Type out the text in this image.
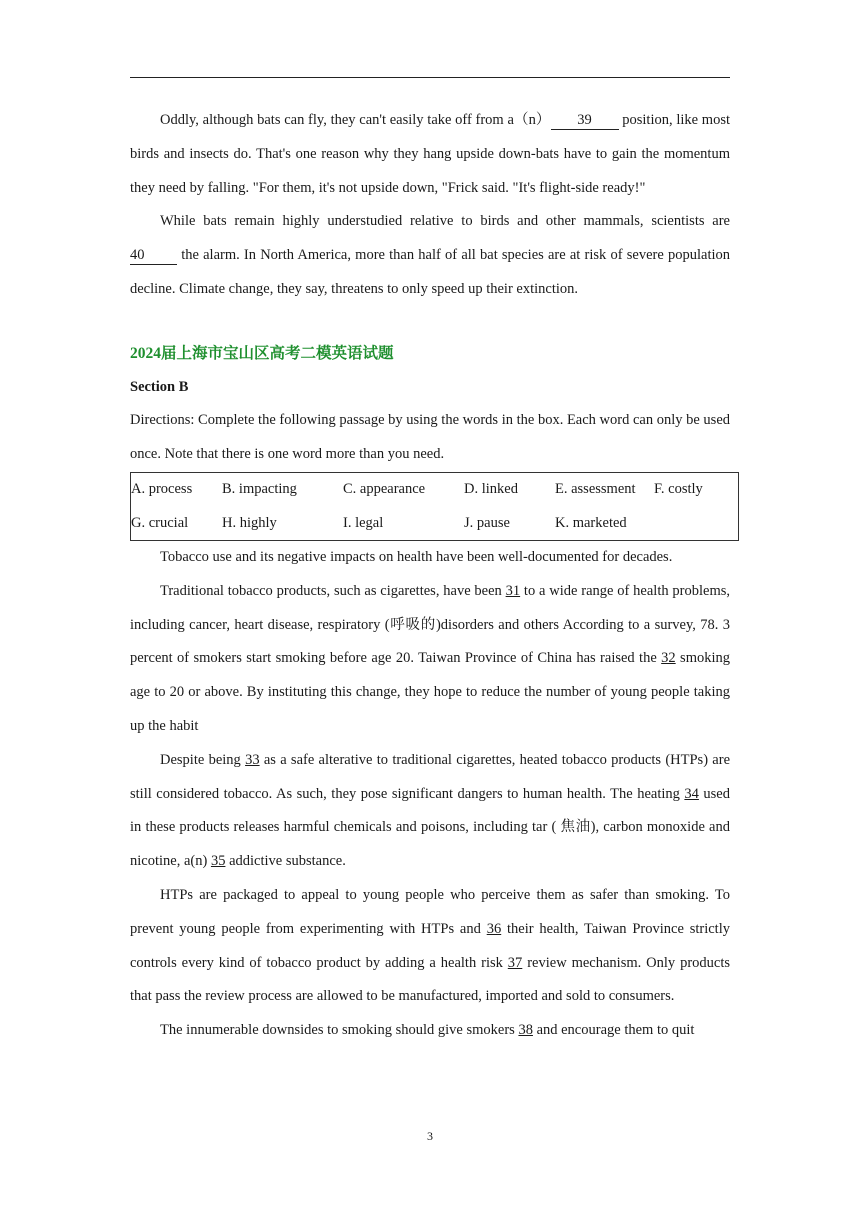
Oddly, although bats can fly, they can't easily take off from a（n） 39 position, like most birds and insects do. That's one reason why they hang upside down-bats have to gain the momentum they need by falling. "For them, it's not upside down, "Frick said. "It's flight-side ready!"

While bats remain highly understudied relative to birds and other mammals, scientists are 40 the alarm. In North America, more than half of all bat species are at risk of severe population decline. Climate change, they say, threatens to only speed up their extinction.

2024届上海市宝山区高考二模英语试题

Section B

Directions: Complete the following passage by using the words in the box. Each word can only be used once. Note that there is one word more than you need.

A. process	B. impacting	C. appearance	D. linked	E. assessment	F. costly
G. crucial	H. highly	I. legal	J. pause	K. marketed

Tobacco use and its negative impacts on health have been well-documented for decades.

Traditional tobacco products, such as cigarettes, have been 31 to a wide range of health problems, including cancer, heart disease, respiratory (呼吸的)disorders and others According to a survey, 78. 3 percent of smokers start smoking before age 20. Taiwan Province of China has raised the 32 smoking age to 20 or above. By instituting this change, they hope to reduce the number of young people taking up the habit

Despite being 33 as a safe alterative to traditional cigarettes, heated tobacco products (HTPs) are still considered tobacco. As such, they pose significant dangers to human health. The heating 34 used in these products releases harmful chemicals and poisons, including tar ( 焦油), carbon monoxide and nicotine, a(n) 35 addictive substance.

HTPs are packaged to appeal to young people who perceive them as safer than smoking. To prevent young people from experimenting with HTPs and 36 their health, Taiwan Province strictly controls every kind of tobacco product by adding a health risk 37 review mechanism. Only products that pass the review process are allowed to be manufactured, imported and sold to consumers.

The innumerable downsides to smoking should give smokers 38 and encourage them to quit

3
